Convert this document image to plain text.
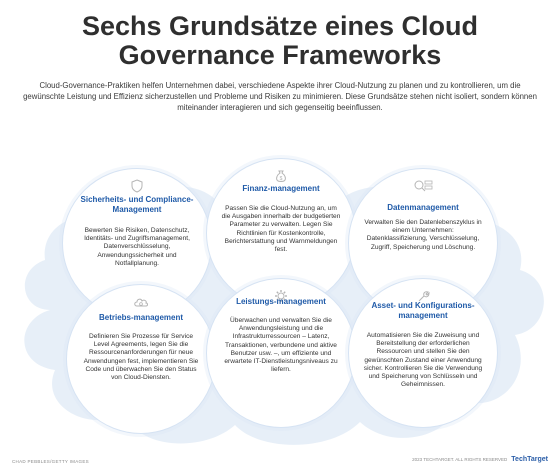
Sechs Grundsätze eines Cloud
Governance Frameworks
Cloud-Governance-Praktiken helfen Unternehmen dabei, verschiedene Aspekte ihrer Cloud-Nutzung zu planen und zu kontrollieren, um die gewünschte Leistung und Effizienz sicherzustellen und Probleme und Risiken zu minimieren. Diese Grundsätze stehen nicht isoliert, sondern können miteinander interagieren und sich gegenseitig beeinflussen.
Sicherheits- und Compliance-Management
Bewerten Sie Risiken, Datenschutz, Identitäts- und Zugriffsmanagement, Datenverschlüsselung, Anwendungssicherheit und Notfallplanung.
$
Finanz-management
Passen Sie die Cloud-Nutzung an, um die Ausgaben innerhalb der budgetierten Parameter zu verwalten. Legen Sie Richtlinien für Kostenkontrolle, Berichterstattung und Warnmeldungen fest.
Datenmanagement
Verwalten Sie den Datenlebenszyklus in einem Unternehmen: Datenklassifizierung, Verschlüsselung, Zugriff, Speicherung und Löschung.
Betriebs-management
Definieren Sie Prozesse für Service Level Agreements, legen Sie die Ressourcenanforderungen für neue Anwendungen fest, implementieren Sie Code und überwachen Sie den Status von Cloud-Diensten.
Leistungs-management
Überwachen und verwalten Sie die Anwendungsleistung und die Infrastrukturressourcen – Latenz, Transaktionen, verbundene und aktive Benutzer usw. –, um effiziente und erwartete IT-Dienstleistungsniveaus zu liefern.
Asset- und Konfigurations-management
Automatisieren Sie die Zuweisung und Bereitstellung der erforderlichen Ressourcen und stellen Sie den gewünschten Zustand einer Anwendung sicher. Kontrollieren Sie die Verwendung und Speicherung von Schlüsseln und Geheimnissen.
CHAD PEBBLES/GETTY IMAGES	2023 TECHTARGET. ALL RIGHTS RESERVED TechTarget
